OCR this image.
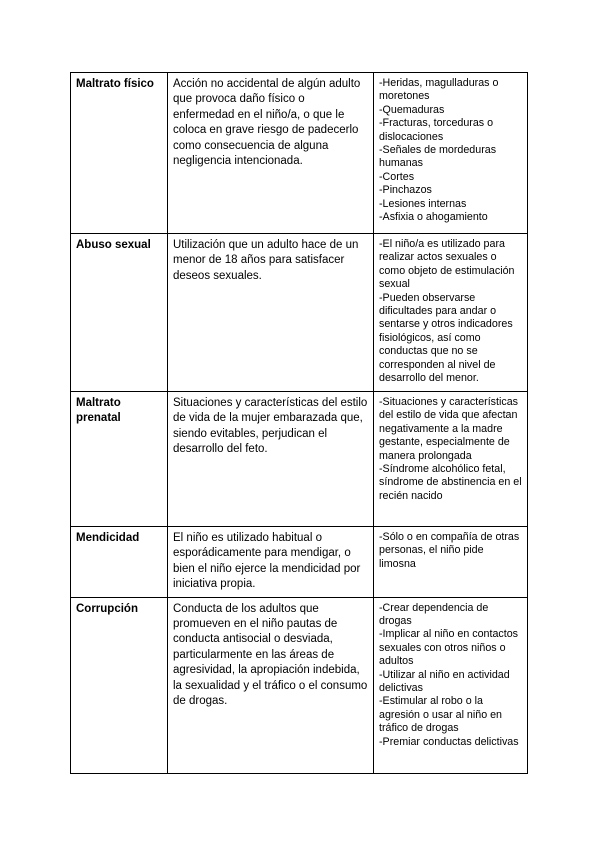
Maltrato físico	Acción no accidental de algún adulto que provoca daño físico o enfermedad en el niño/a, o que le coloca en grave riesgo de padecerlo como consecuencia de alguna negligencia intencionada.	
-Heridas, magulladuras o moretones
-Quemaduras
-Fracturas, torceduras o dislocaciones
-Señales de mordeduras humanas
-Cortes
-Pinchazos
-Lesiones internas
-Asfixia o ahogamiento

Abuso sexual	Utilización que un adulto hace de un menor de 18 años para satisfacer deseos sexuales.	-El niño/a es utilizado para realizar actos sexuales o como objeto de estimulación sexual
-Pueden observarse dificultades para andar o sentarse y otros indicadores fisiológicos, así como conductas que no se corresponden al nivel de desarrollo del menor.

Maltrato prenatal	Situaciones y características del estilo de vida de la mujer embarazada que, siendo evitables, perjudican el desarrollo del feto.	-Situaciones y características del estilo de vida que afectan negativamente a la madre gestante, especialmente de manera prolongada
-Síndrome alcohólico fetal, síndrome de abstinencia en el recién nacido

Mendicidad	El niño es utilizado habitual o esporádicamente para mendigar, o bien el niño ejerce la mendicidad por iniciativa propia.	-Sólo o en compañía de otras personas, el niño pide limosna

Corrupción	Conducta de los adultos que promueven en el niño pautas de conducta antisocial o desviada, particularmente en las áreas de agresividad, la apropiación indebida, la sexualidad y el tráfico o el consumo de drogas.	
-Crear dependencia de drogas
-Implicar al niño en contactos sexuales con otros niños o adultos
-Utilizar al niño en actividad delictivas
-Estimular al robo o la agresión o usar al niño en tráfico de drogas
-Premiar conductas delictivas
